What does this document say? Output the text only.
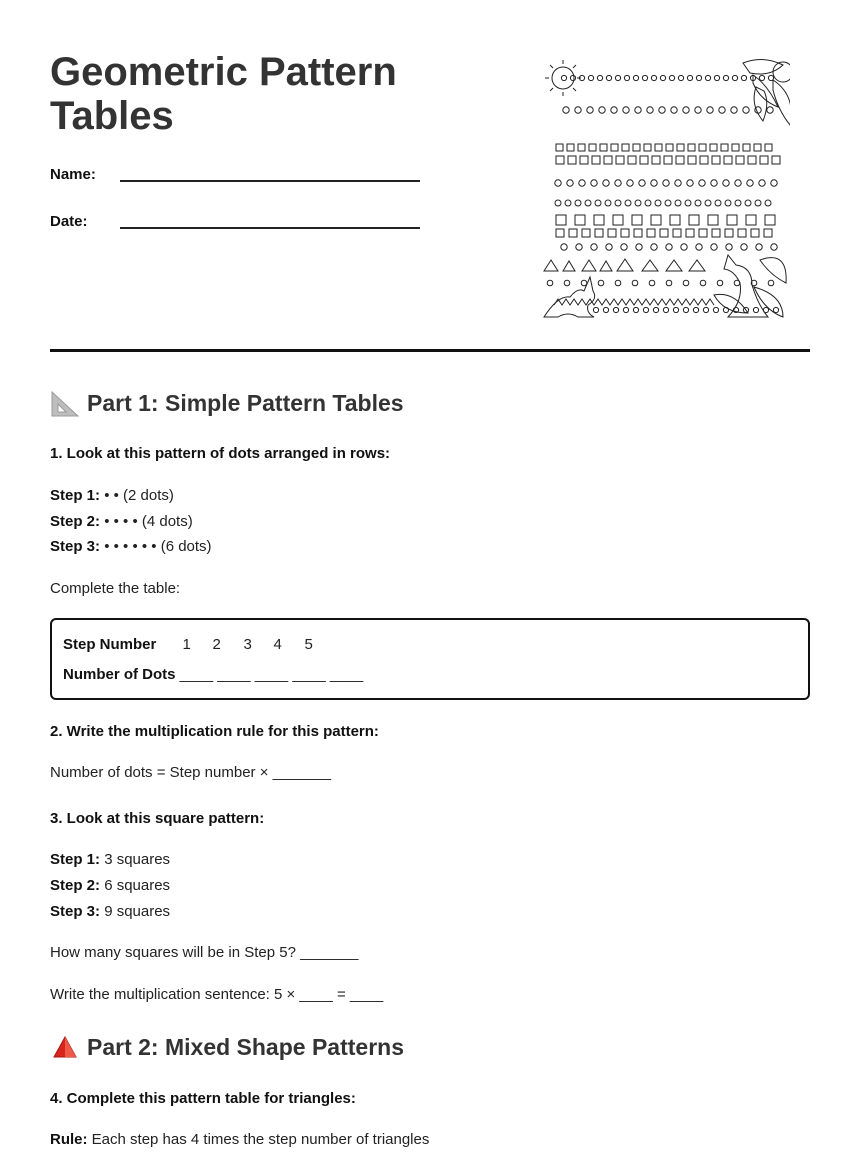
Geometric Pattern Tables
Name:
Date:
Part 1: Simple Pattern Tables

1. Look at this pattern of dots arranged in rows:

Step 1: • • (2 dots)

Step 2: • • • • (4 dots)

Step 3: • • • • • • (6 dots)

Complete the table:

Step Number 1 2 3 4 5
Number of Dots ____ ____ ____ ____ ____

2. Write the multiplication rule for this pattern:

Number of dots = Step number × _______

3. Look at this square pattern:

Step 1: 3 squares

Step 2: 6 squares

Step 3: 9 squares

How many squares will be in Step 5? _______

Write the multiplication sentence: 5 × ____ = ____

Part 2: Mixed Shape Patterns

4. Complete this pattern table for triangles:

Rule: Each step has 4 times the step number of triangles
